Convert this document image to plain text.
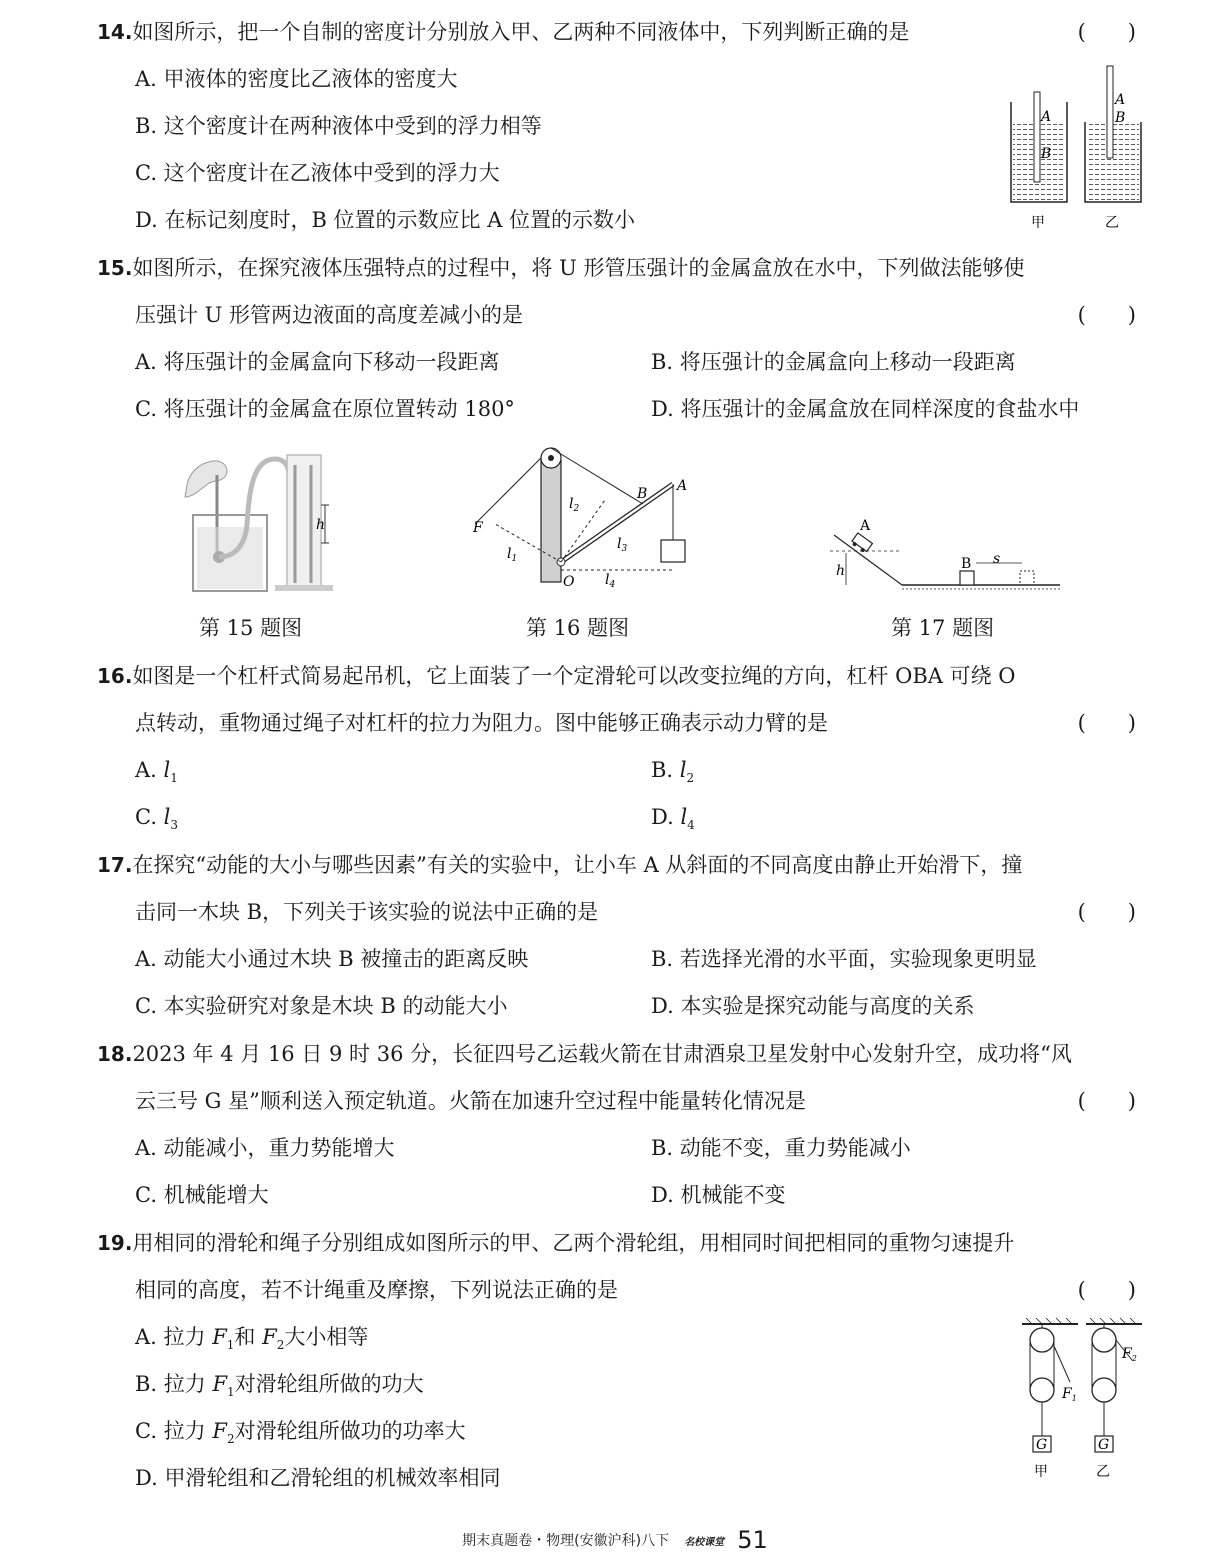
14.如图所示，把一个自制的密度计分别放入甲、乙两种不同液体中，下列判断正确的是	(　　)
A. 甲液体的密度比乙液体的密度大
B. 这个密度计在两种液体中受到的浮力相等
C. 这个密度计在乙液体中受到的浮力大
D. 在标记刻度时，B 位置的示数应比 A 位置的示数小
A
B
A
B
甲	乙
15.如图所示，在探究液体压强特点的过程中，将 U 形管压强计的金属盒放在水中，下列做法能够使
压强计 U 形管两边液面的高度差减小的是	(　　)
A. 将压强计的金属盒向下移动一段距离	B. 将压强计的金属盒向上移动一段距离
C. 将压强计的金属盒在原位置转动 180°	D. 将压强计的金属盒放在同样深度的食盐水中
h	F
O
B A
$l_1$
$l_2$
$l_3$
$l_4$
A
h	B s
第 15 题图	第 16 题图	第 17 题图
16.如图是一个杠杆式简易起吊机，它上面装了一个定滑轮可以改变拉绳的方向，杠杆 OBA 可绕 O
点转动，重物通过绳子对杠杆的拉力为阻力。图中能够正确表示动力臂的是	(　　)
A. $l_1$	B. $l_2$
C. $l_3$	D. $l_4$
17.在探究“动能的大小与哪些因素”有关的实验中，让小车 A 从斜面的不同高度由静止开始滑下，撞
击同一木块 B，下列关于该实验的说法中正确的是	(　　)
A. 动能大小通过木块 B 被撞击的距离反映	B. 若选择光滑的水平面，实验现象更明显
C. 本实验研究对象是木块 B 的动能大小	D. 本实验是探究动能与高度的关系
18.2023 年 4 月 16 日 9 时 36 分，长征四号乙运载火箭在甘肃酒泉卫星发射中心发射升空，成功将“风
云三号 G 星”顺利送入预定轨道。火箭在加速升空过程中能量转化情况是	(　　)
A. 动能减小，重力势能增大	B. 动能不变，重力势能减小
C. 机械能增大	D. 机械能不变
19.用相同的滑轮和绳子分别组成如图所示的甲、乙两个滑轮组，用相同时间把相同的重物匀速提升
相同的高度，若不计绳重及摩擦，下列说法正确的是	(　　)
A. 拉力 $F_1$和 $F_2$大小相等
B. 拉力 $F_1$对滑轮组所做的功大
C. 拉力 $F_2$对滑轮组所做功的功率大
D. 甲滑轮组和乙滑轮组的机械效率相同
G
$F_1$
甲
G
$F_2$
乙
期末真题卷・物理(安徽沪科)八下 名校课堂 51
